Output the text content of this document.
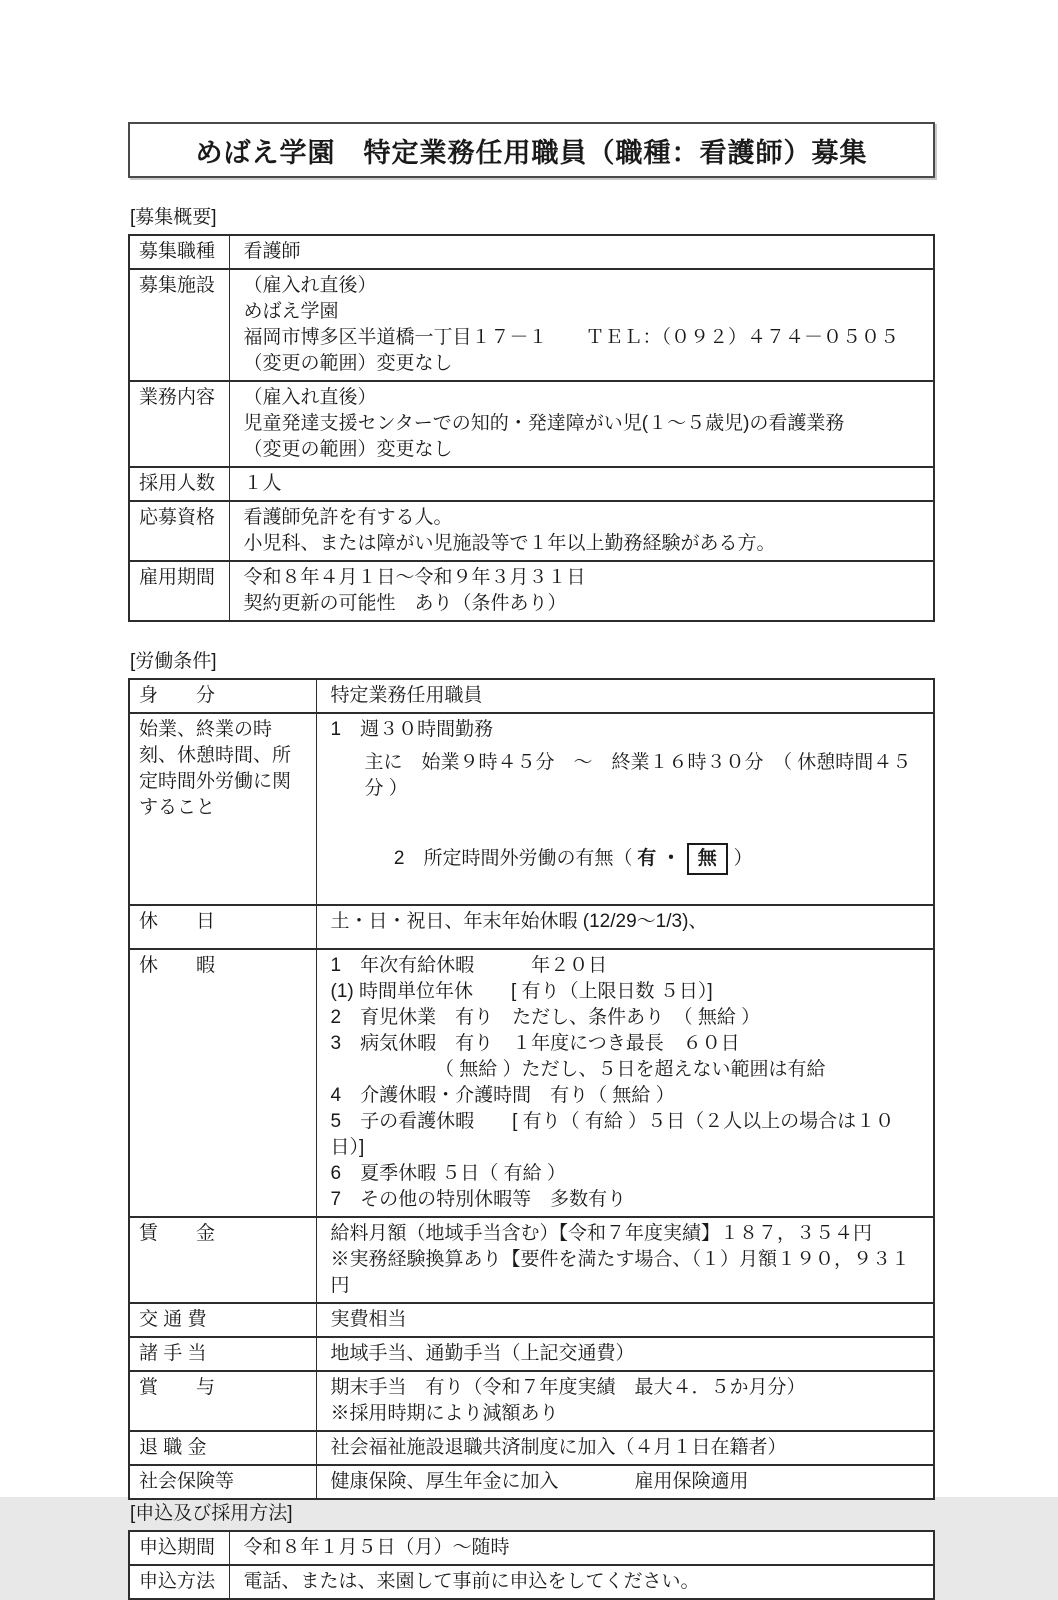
めばえ学園　特定業務任用職員（職種：看護師）募集
[募集概要]
募集職種	看護師

募集施設	（雇入れ直後）
めばえ学園
福岡市博多区半道橋一丁目１７－１　　ＴＥＬ：（０９２）４７４－０５０５
（変更の範囲）変更なし

業務内容	（雇入れ直後）
児童発達支援センターでの知的・発達障がい児(１～５歳児)の看護業務
（変更の範囲）変更なし

採用人数	１人

応募資格	看護師免許を有する人。
小児科、または障がい児施設等で１年以上勤務経験がある方。

雇用期間	令和８年４月１日～令和９年３月３１日
契約更新の可能性　あり（条件あり）
[労働条件]
身　　分	特定業務任用職員

始業、終業の時刻、休憩時間、所定時間外労働に関すること	1　週３０時間勤務
主に　始業９時４５分　～　終業１６時３０分　（ 休憩時間４５分 ）

2　所定時間外労働の有無（ 有 ・ 無 ）

休　　日	土・日・祝日、年末年始休暇 (12/29～1/3)、

休　　暇	1　年次有給休暇　　　年２０日
(1) 時間単位年休　　[ 有り（上限日数 ５日）]
2　育児休業　有り　ただし、条件あり　（ 無給 ）
3　病気休暇　有り　１年度につき最長　６０日
　　　　　　（ 無給 ）ただし、５日を超えない範囲は有給
4　介護休暇・介護時間　有り（ 無給 ）
5　子の看護休暇　　[ 有り（ 有給 ）５日（２人以上の場合は１０日）]
6　夏季休暇 ５日（ 有給 ）
7　その他の特別休暇等　多数有り

賃　　金	給料月額（地域手当含む）【令和７年度実績】１８７，３５４円
※実務経験換算あり【要件を満たす場合、（１）月額１９０，９３１円

交 通 費	実費相当

諸 手 当	地域手当、通勤手当（上記交通費）

賞　　与	期末手当　有り（令和７年度実績　最大４．５か月分）
※採用時期により減額あり

退 職 金	社会福祉施設退職共済制度に加入（４月１日在籍者）

社会保険等	健康保険、厚生年金に加入　　　　雇用保険適用
[申込及び採用方法]
申込期間	令和８年１月５日（月）～随時

申込方法	電話、または、来園して事前に申込をしてください。
